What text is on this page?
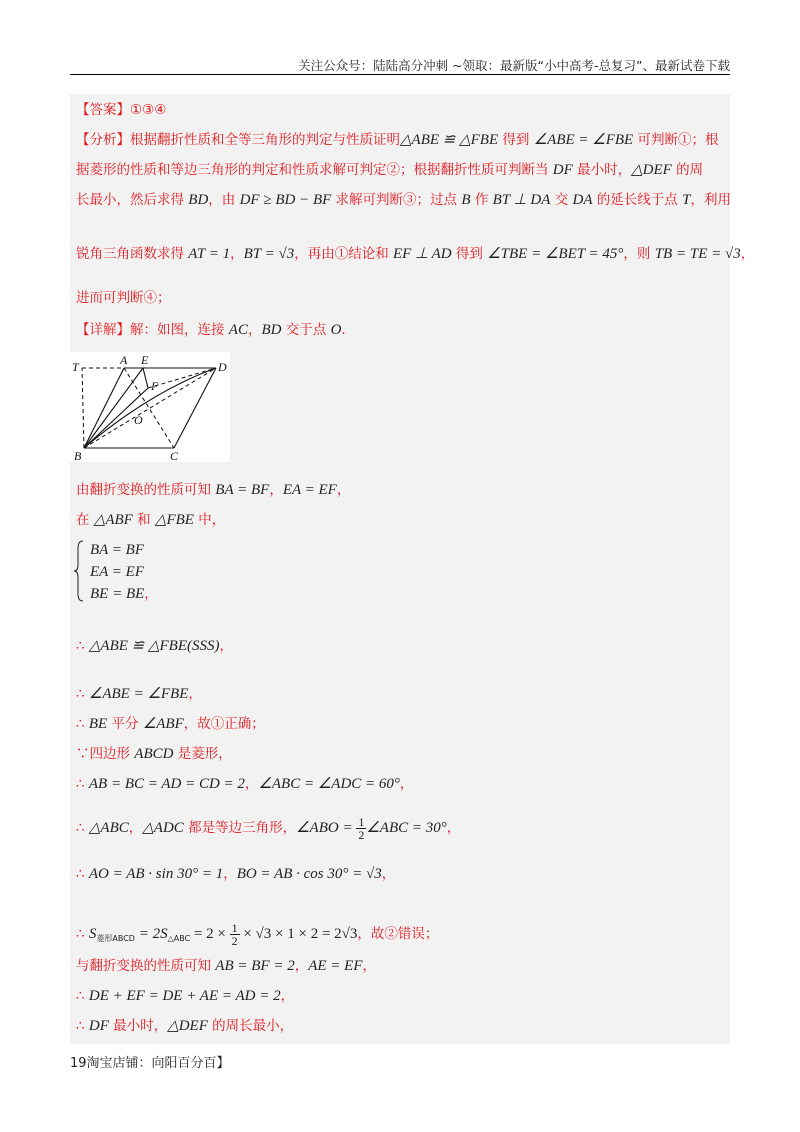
关注公众号：陆陆高分冲刺 ~领取：最新版“小中高考-总复习”、最新试卷下载
【答案】①③④
【分析】根据翻折性质和全等三角形的判定与性质证明△ABE ≌ △FBE 得到 ∠ABE = ∠FBE 可判断①；根
据菱形的性质和等边三角形的判定和性质求解可判定②；根据翻折性质可判断当 DF 最小时，△DEF 的周
长最小，然后求得 BD，由 DF ≥ BD − BF 求解可判断③；过点 B 作 BT ⊥ DA 交 DA 的延长线于点 T，利用
锐角三角函数求得 AT = 1，BT = √3，再由①结论和 EF ⊥ AD 得到 ∠TBE = ∠BET = 45°，则 TB = TE = √3，
进而可判断④；
【详解】解：如图，连接 AC，BD 交于点 O．
由翻折变换的性质可知 BA = BF，EA = EF，
在 △ABF 和 △FBE 中，
BA = BF
EA = EF
BE = BE，
∴ △ABE ≌ △FBE(SSS)，
∴ ∠ABE = ∠FBE，
∴ BE 平分 ∠ABF，故①正确；
∵四边形 ABCD 是菱形，
∴ AB = BC = AD = CD = 2，∠ABC = ∠ADC = 60°，
∴ △ABC，△ADC 都是等边三角形，∠ABO = $\frac{1}{2}$ ∠ABC = 30°，
∴ AO = AB · sin 30° = 1，BO = AB · cos 30° = √3，
∴ $S_{菱形ABCD} = 2S_{\triangle ABC} = 2 \times \frac{1}{2} \times √3 \times 1 \times 2 = 2√3$，故②错误；
与翻折变换的性质可知 AB = BF = 2，AE = EF，
∴ DE + EF = DE + AE = AD = 2，
∴ DF 最小时，△DEF 的周长最小，
T	A E	D
F
O
B	C
19淘宝店铺：向阳百分百】
